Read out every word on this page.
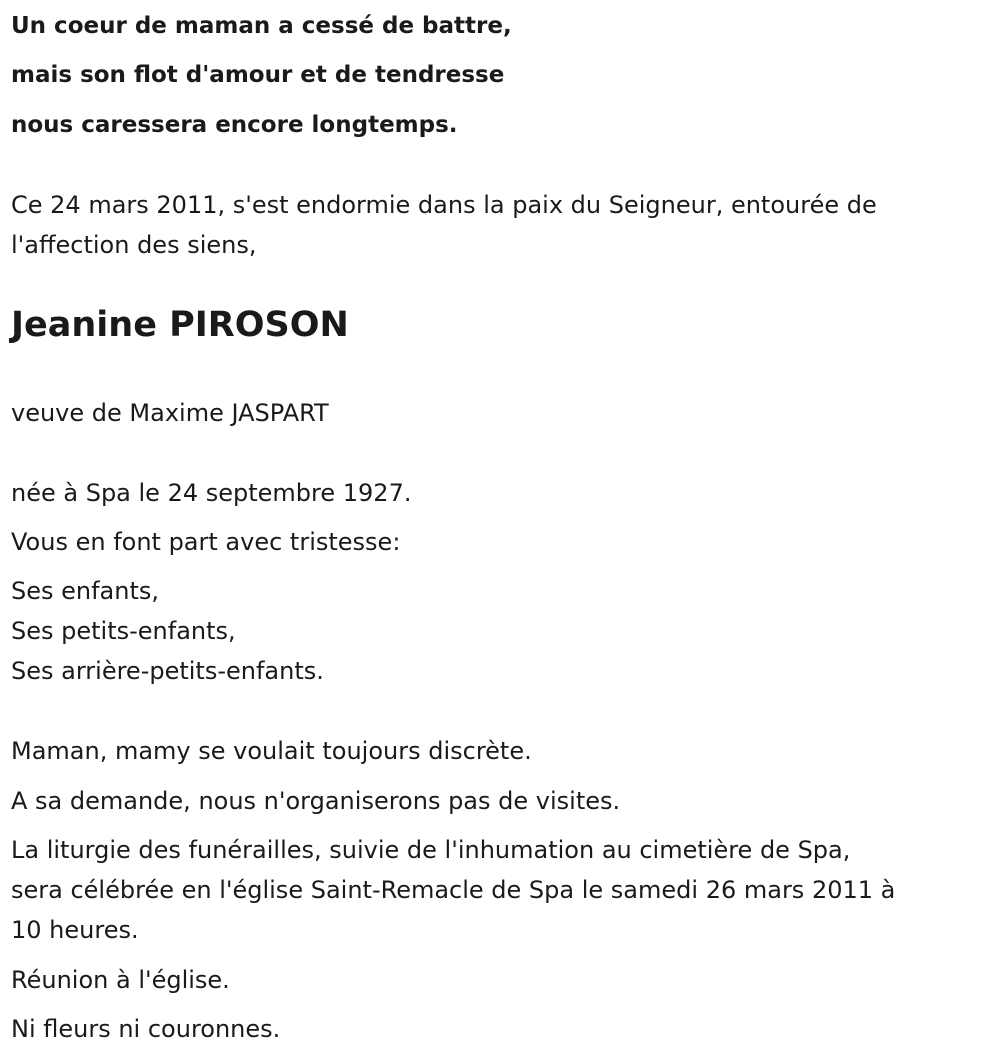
Un coeur de maman a cessé de battre,

mais son flot d'amour et de tendresse

nous caressera encore longtemps.

Ce 24 mars 2011, s'est endormie dans la paix du Seigneur, entourée de

l'affection des siens,

Jeanine PIROSON

veuve de Maxime JASPART

née à Spa le 24 septembre 1927.

Vous en font part avec tristesse:

Ses enfants,

Ses petits-enfants,

Ses arrière-petits-enfants.

Maman, mamy se voulait toujours discrète.

A sa demande, nous n'organiserons pas de visites.

La liturgie des funérailles, suivie de l'inhumation au cimetière de Spa,

sera célébrée en l'église Saint-Remacle de Spa le samedi 26 mars 2011 à

10 heures.

Réunion à l'église.

Ni fleurs ni couronnes.
